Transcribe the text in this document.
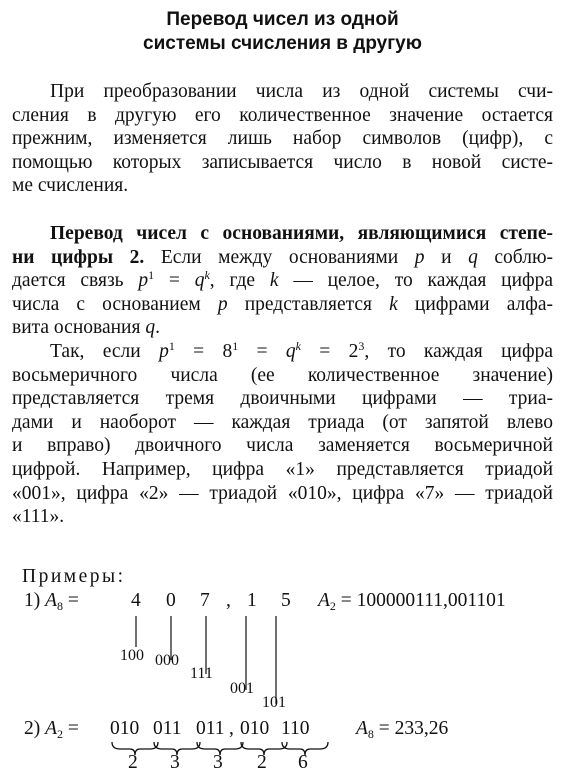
Перевод чисел из одной
системы счисления в другую
При преобразовании числа из одной системы счи-
сления в другую его количественное значение остается
прежним, изменяется лишь набор символов (цифр), с
помощью которых записывается число в новой систе-
ме счисления.
Перевод чисел с основаниями, являющимися степе-
ни цифры 2. Если между основаниями p и q соблю-
дается связь $p^1 = q^k$, где k — целое, то каждая цифра
числа с основанием p представляется k цифрами алфа-
вита основания q.
Так, если $p^1 = 8^1 = q^k = 2^3$, то каждая цифра
восьмеричного числа (ее количественное значение)
представляется тремя двоичными цифрами — триа-
дами и наоборот — каждая триада (от запятой влево
и вправо) двоичного числа заменяется восьмеричной
цифрой. Например, цифра «1» представляется триадой
«001», цифра «2» — триадой «010», цифра «7» — триадой
«111».
Примеры:
1) $A_8$ =	4 0 7 , 1 5 $A_2 = 100000111,001101$
100 000
111
001
101
2) $A_2 = 010$ 011 011 , 010 110 $A_8 = 233,26$
2 3 3 2 6
